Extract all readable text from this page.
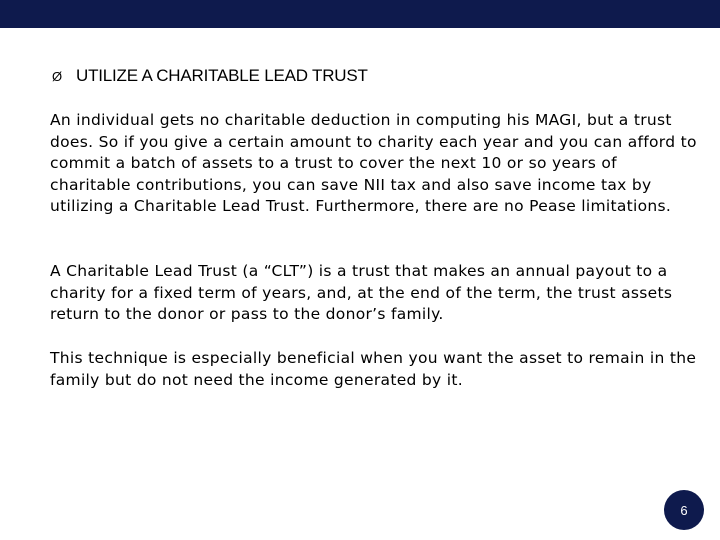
Ø UTILIZE A CHARITABLE LEAD TRUST

An individual gets no charitable deduction in computing his MAGI, but a trust does. So if you give a certain amount to charity each year and you can afford to commit a batch of assets to a trust to cover the next 10 or so years of charitable contributions, you can save NII tax and also save income tax by utilizing a Charitable Lead Trust. Furthermore, there are no Pease limitations.

A Charitable Lead Trust (a “CLT”) is a trust that makes an annual payout to a charity for a fixed term of years, and, at the end of the term, the trust assets return to the donor or pass to the donor’s family.

This technique is especially beneficial when you want the asset to remain in the family but do not need the income generated by it.

6
